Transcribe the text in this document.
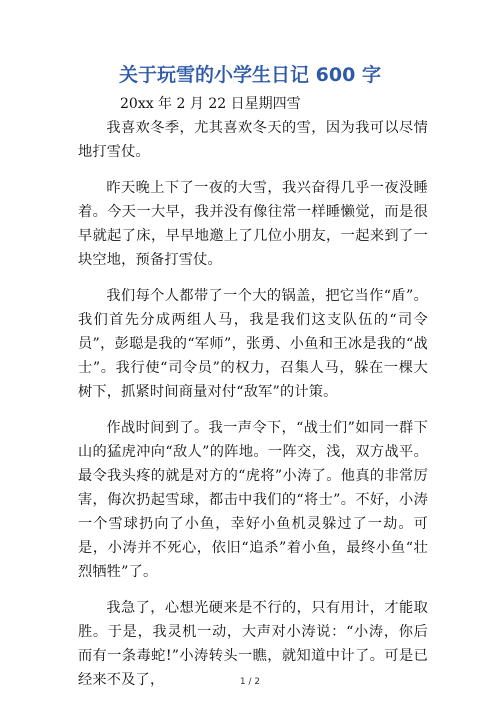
关于玩雪的小学生日记 600 字
20xx 年 2 月 22 日星期四雪

我喜欢冬季，尤其喜欢冬天的雪，因为我可以尽情地打雪仗。

昨天晚上下了一夜的大雪，我兴奋得几乎一夜没睡着。今天一大早，我并没有像往常一样睡懒觉，而是很早就起了床，早早地邀上了几位小朋友，一起来到了一块空地，预备打雪仗。

我们每个人都带了一个大的锅盖，把它当作“盾”。我们首先分成两组人马，我是我们这支队伍的“司令员”，彭聪是我的“军师”，张勇、小鱼和王冰是我的“战士”。我行使“司令员”的权力，召集人马，躲在一棵大树下，抓紧时间商量对付“敌军”的计策。

作战时间到了。我一声令下，“战士们”如同一群下山的猛虎冲向“敌人”的阵地。一阵交，浅，双方战平。最令我头疼的就是对方的“虎将”小涛了。他真的非常厉害，侮次扔起雪球，都击中我们的“将士”。不好，小涛一个雪球扔向了小鱼，幸好小鱼机灵躲过了一劫。可是，小涛并不死心，依旧“追杀”着小鱼，最终小鱼“壮烈牺牲”了。

我急了，心想光硬来是不行的，只有用计，才能取胜。于是，我灵机一动，大声对小涛说：“小涛，你后而有一条毒蛇!”小涛转头一瞧，就知道中计了。可是已经来不及了，	1 / 2
